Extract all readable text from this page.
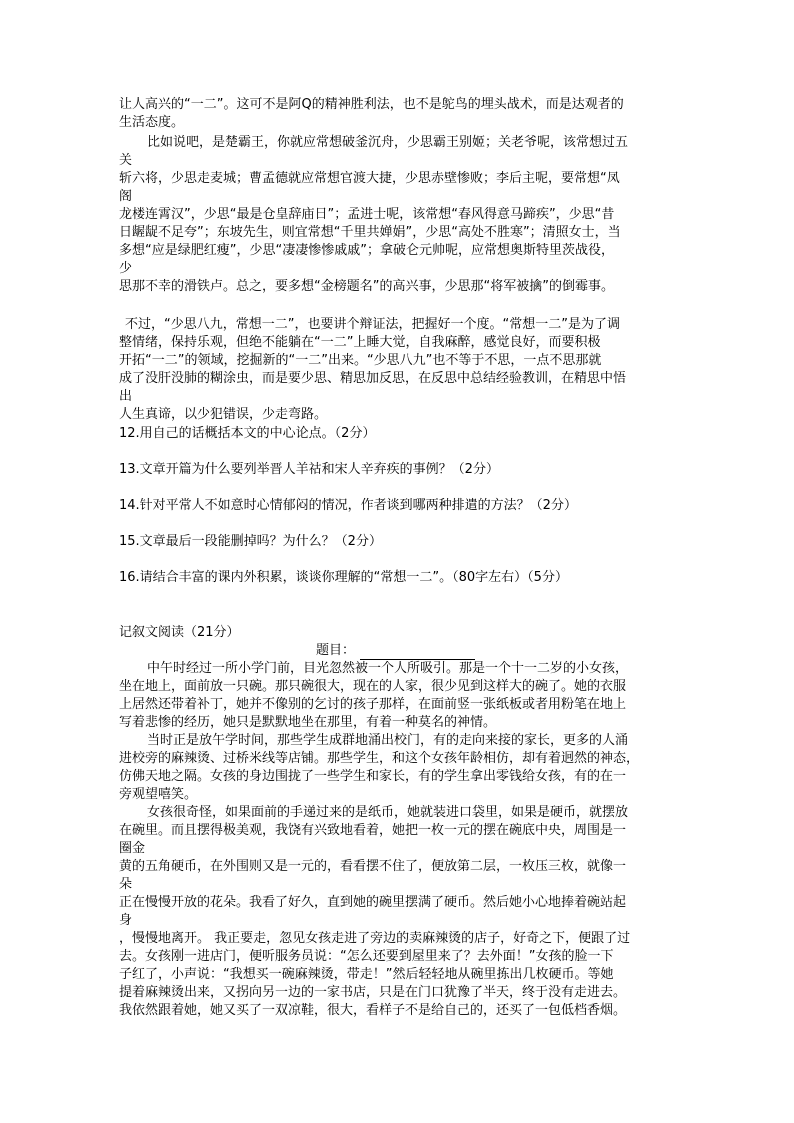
让人高兴的“一二”。这可不是阿Q的精神胜利法，也不是鸵鸟的埋头战术，而是达观者的
生活态度。
比如说吧，是楚霸王，你就应常想破釜沉舟，少思霸王别姬；关老爷呢，该常想过五
关
斩六将，少思走麦城；曹孟德就应常想官渡大捷，少思赤壁惨败；李后主呢，要常想“凤
阁
龙楼连霄汉”，少思“最是仓皇辞庙日”；孟进士呢，该常想“春风得意马蹄疾”，少思“昔
日龌龊不足夸”；东坡先生，则宜常想“千里共婵娟”，少思“高处不胜寒”；清照女士，当
多想“应是绿肥红瘦”，少思“凄凄惨惨戚戚”；拿破仑元帅呢，应常想奥斯特里茨战役，
少
思那不幸的滑铁卢。总之，要多想“金榜题名”的高兴事，少思那“将军被擒”的倒霉事。
不过，“少思八九，常想一二”，也要讲个辩证法，把握好一个度。“常想一二”是为了调
整情绪，保持乐观，但绝不能躺在“一二”上睡大觉，自我麻醉，感觉良好，而要积极
开拓“一二”的领域，挖掘新的“一二”出来。“少思八九”也不等于不思，一点不思那就
成了没肝没肺的糊涂虫，而是要少思、精思加反思，在反思中总结经验教训，在精思中悟
出
人生真谛，以少犯错误，少走弯路。
12.用自己的话概括本文的中心论点。（2分）
13.文章开篇为什么要列举晋人羊祜和宋人辛弃疾的事例？（2分）
14.针对平常人不如意时心情郁闷的情况，作者谈到哪两种排遣的方法？（2分）
15.文章最后一段能删掉吗？为什么？（2分）
16.请结合丰富的课内外积累，谈谈你理解的“常想一二”。（80字左右）（5分）
记叙文阅读（21分）
题目：
中午时经过一所小学门前，目光忽然被一个人所吸引。那是一个十一二岁的小女孩，
坐在地上，面前放一只碗。那只碗很大，现在的人家，很少见到这样大的碗了。她的衣服
上居然还带着补丁，她并不像别的乞讨的孩子那样，在面前竖一张纸板或者用粉笔在地上
写着悲惨的经历，她只是默默地坐在那里，有着一种莫名的神情。
当时正是放午学时间，那些学生成群地涌出校门，有的走向来接的家长，更多的人涌
进校旁的麻辣烫、过桥米线等店铺。那些学生，和这个女孩年龄相仿，却有着迥然的神态，
仿佛天地之隔。女孩的身边围拢了一些学生和家长，有的学生拿出零钱给女孩，有的在一
旁观望嘻笑。
女孩很奇怪，如果面前的手递过来的是纸币，她就装进口袋里，如果是硬币，就摆放
在碗里。而且摆得极美观，我饶有兴致地看着，她把一枚一元的摆在碗底中央，周围是一
圈金
黄的五角硬币，在外围则又是一元的，看看摆不住了，便放第二层，一枚压三枚，就像一
朵
正在慢慢开放的花朵。我看了好久，直到她的碗里摆满了硬币。然后她小心地捧着碗站起
身
，慢慢地离开。 我正要走，忽见女孩走进了旁边的卖麻辣烫的店子，好奇之下，便跟了过
去。女孩刚一进店门，便听服务员说：“怎么还要到屋里来了？去外面！”女孩的脸一下
子红了，小声说：“我想买一碗麻辣烫，带走！”然后轻轻地从碗里拣出几枚硬币。等她
提着麻辣烫出来，又拐向另一边的一家书店，只是在门口犹豫了半天，终于没有走进去。
我依然跟着她，她又买了一双凉鞋，很大，看样子不是给自己的，还买了一包低档香烟。
